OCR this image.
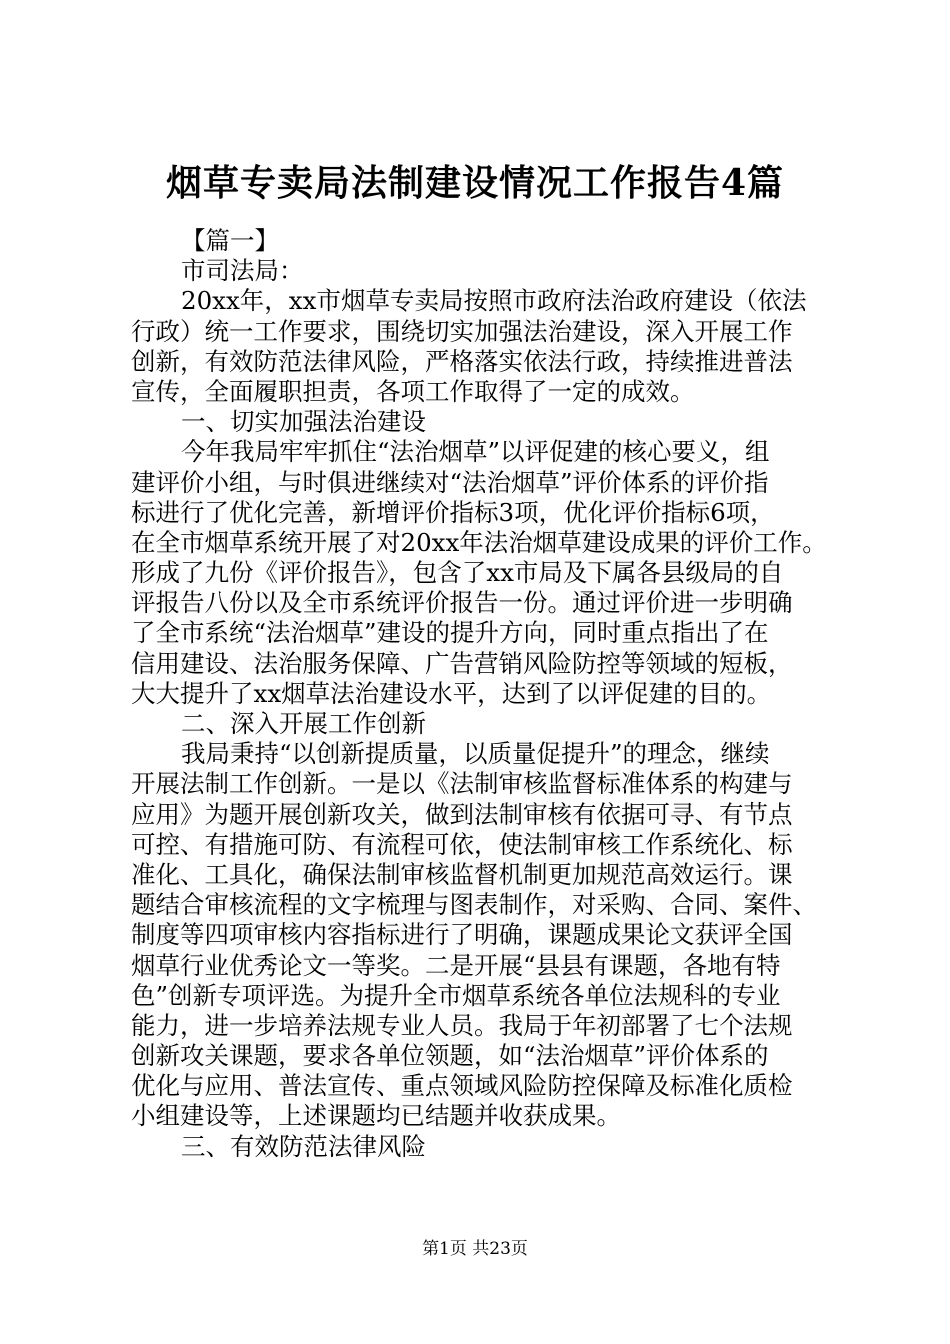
烟草专卖局法制建设情况工作报告4篇
【篇一】
市司法局：
20xx年，xx市烟草专卖局按照市政府法治政府建设（依法
行政）统一工作要求，围绕切实加强法治建设，深入开展工作
创新，有效防范法律风险，严格落实依法行政，持续推进普法
宣传，全面履职担责，各项工作取得了一定的成效。
一、切实加强法治建设
今年我局牢牢抓住“法治烟草”以评促建的核心要义，组
建评价小组，与时俱进继续对“法治烟草”评价体系的评价指
标进行了优化完善，新增评价指标3项，优化评价指标6项，
在全市烟草系统开展了对20xx年法治烟草建设成果的评价工作。
形成了九份《评价报告》，包含了xx市局及下属各县级局的自
评报告八份以及全市系统评价报告一份。通过评价进一步明确
了全市系统“法治烟草”建设的提升方向，同时重点指出了在
信用建设、法治服务保障、广告营销风险防控等领域的短板，
大大提升了xx烟草法治建设水平，达到了以评促建的目的。
二、深入开展工作创新
我局秉持“以创新提质量，以质量促提升”的理念，继续
开展法制工作创新。一是以《法制审核监督标准体系的构建与
应用》为题开展创新攻关，做到法制审核有依据可寻、有节点
可控、有措施可防、有流程可依，使法制审核工作系统化、标
准化、工具化，确保法制审核监督机制更加规范高效运行。课
题结合审核流程的文字梳理与图表制作，对采购、合同、案件、
制度等四项审核内容指标进行了明确，课题成果论文获评全国
烟草行业优秀论文一等奖。二是开展“县县有课题，各地有特
色”创新专项评选。为提升全市烟草系统各单位法规科的专业
能力，进一步培养法规专业人员。我局于年初部署了七个法规
创新攻关课题，要求各单位领题，如“法治烟草”评价体系的
优化与应用、普法宣传、重点领域风险防控保障及标准化质检
小组建设等，上述课题均已结题并收获成果。
三、有效防范法律风险
第1页 共23页
